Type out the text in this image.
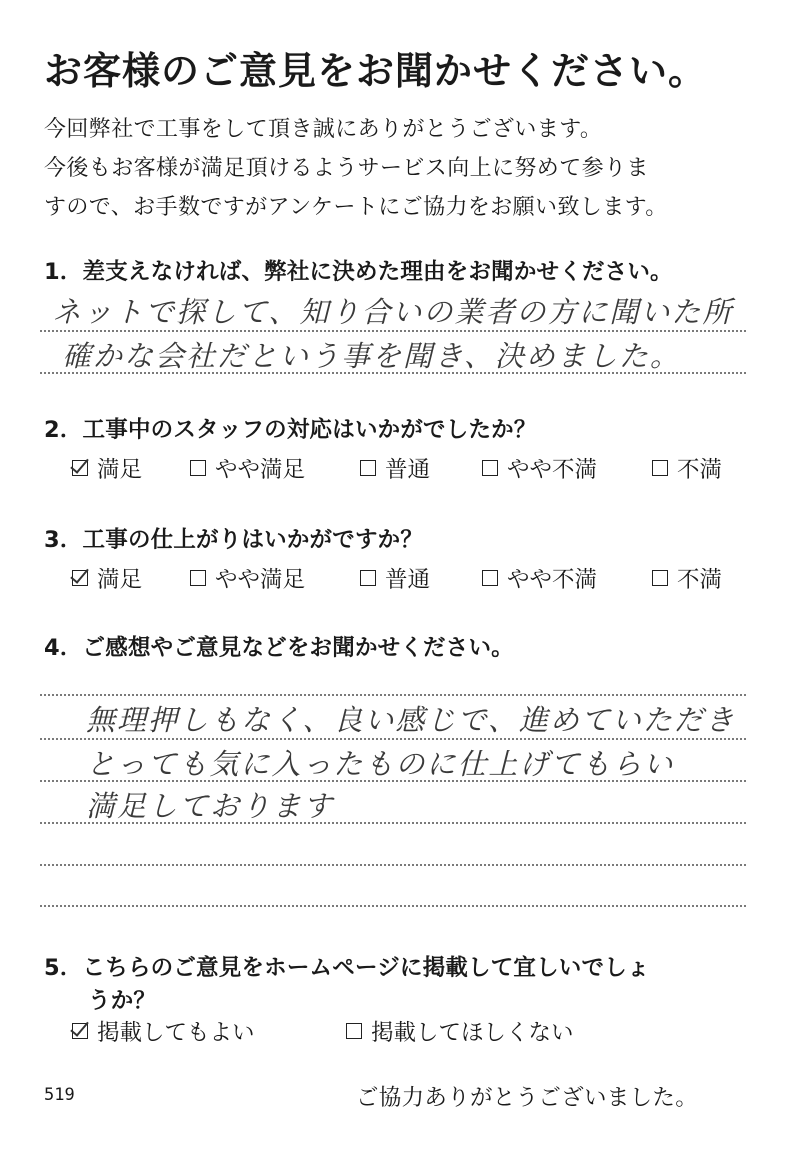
お客様のご意見をお聞かせください。
今回弊社で工事をして頂き誠にありがとうございます。
今後もお客様が満足頂けるようサービス向上に努めて参りま
すので、お手数ですがアンケートにご協力をお願い致します。
1．差支えなければ、弊社に決めた理由をお聞かせください。
ネットで探して、知り合いの業者の方に聞いた所
確かな会社だという事を聞き、決めました。
2．工事中のスタッフの対応はいかがでしたか？
満足	やや満足	普通	やや不満	不満
3．工事の仕上がりはいかがですか？
満足	やや満足	普通	やや不満	不満
4．ご感想やご意見などをお聞かせください。
無理押しもなく、良い感じで、進めていただき
とっても気に入ったものに仕上げてもらい
満足しております
5．こちらのご意見をホームページに掲載して宜しいでしょ
うか？
掲載してもよい	掲載してほしくない
519	ご協力ありがとうございました。
